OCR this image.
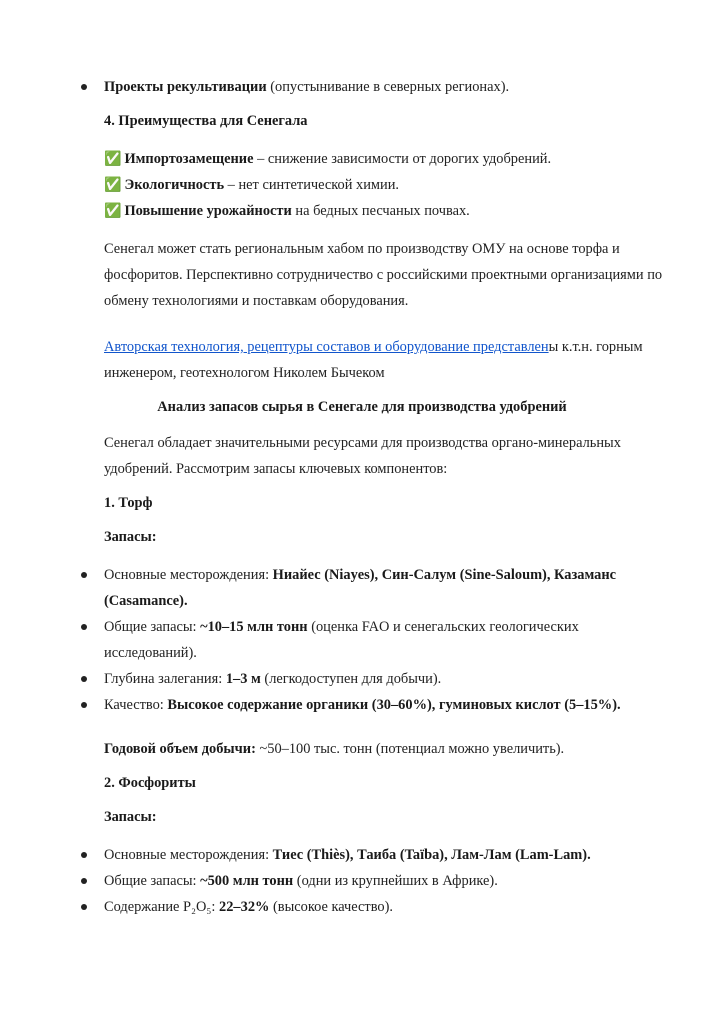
Проекты рекультивации (опустынивание в северных регионах).
4. Преимущества для Сенегала
✅ Импортозамещение – снижение зависимости от дорогих удобрений.
✅ Экологичность – нет синтетической химии.
✅ Повышение урожайности на бедных песчаных почвах.

Сенегал может стать региональным хабом по производству ОМУ на основе торфа и фосфоритов. Перспективно сотрудничество с российскими проектными организациями по обмену технологиями и поставкам оборудования.

Авторская технология, рецептуры составов и оборудование представлены к.т.н. горным инженером, геотехнологом Николем Бычеком

Анализ запасов сырья в Сенегале для производства удобрений

Сенегал обладает значительными ресурсами для производства органо-минеральных удобрений. Рассмотрим запасы ключевых компонентов:

1. Торф
Запасы:
Основные месторождения: Ниайес (Niayes), Син-Салум (Sine-Saloum), Казаманс (Casamance).
Общие запасы: ~10–15 млн тонн (оценка FAO и сенегальских геологических исследований).
Глубина залегания: 1–3 м (легкодоступен для добычи).
Качество: Высокое содержание органики (30–60%), гуминовых кислот (5–15%).
Годовой объем добычи: ~50–100 тыс. тонн (потенциал можно увеличить).
2. Фосфориты
Запасы:
Основные месторождения: Тиес (Thiès), Таиба (Taïba), Лам-Лам (Lam-Lam).
Общие запасы: ~500 млн тонн (одни из крупнейших в Африке).
Содержание P₂O₅: 22–32% (высокое качество).
